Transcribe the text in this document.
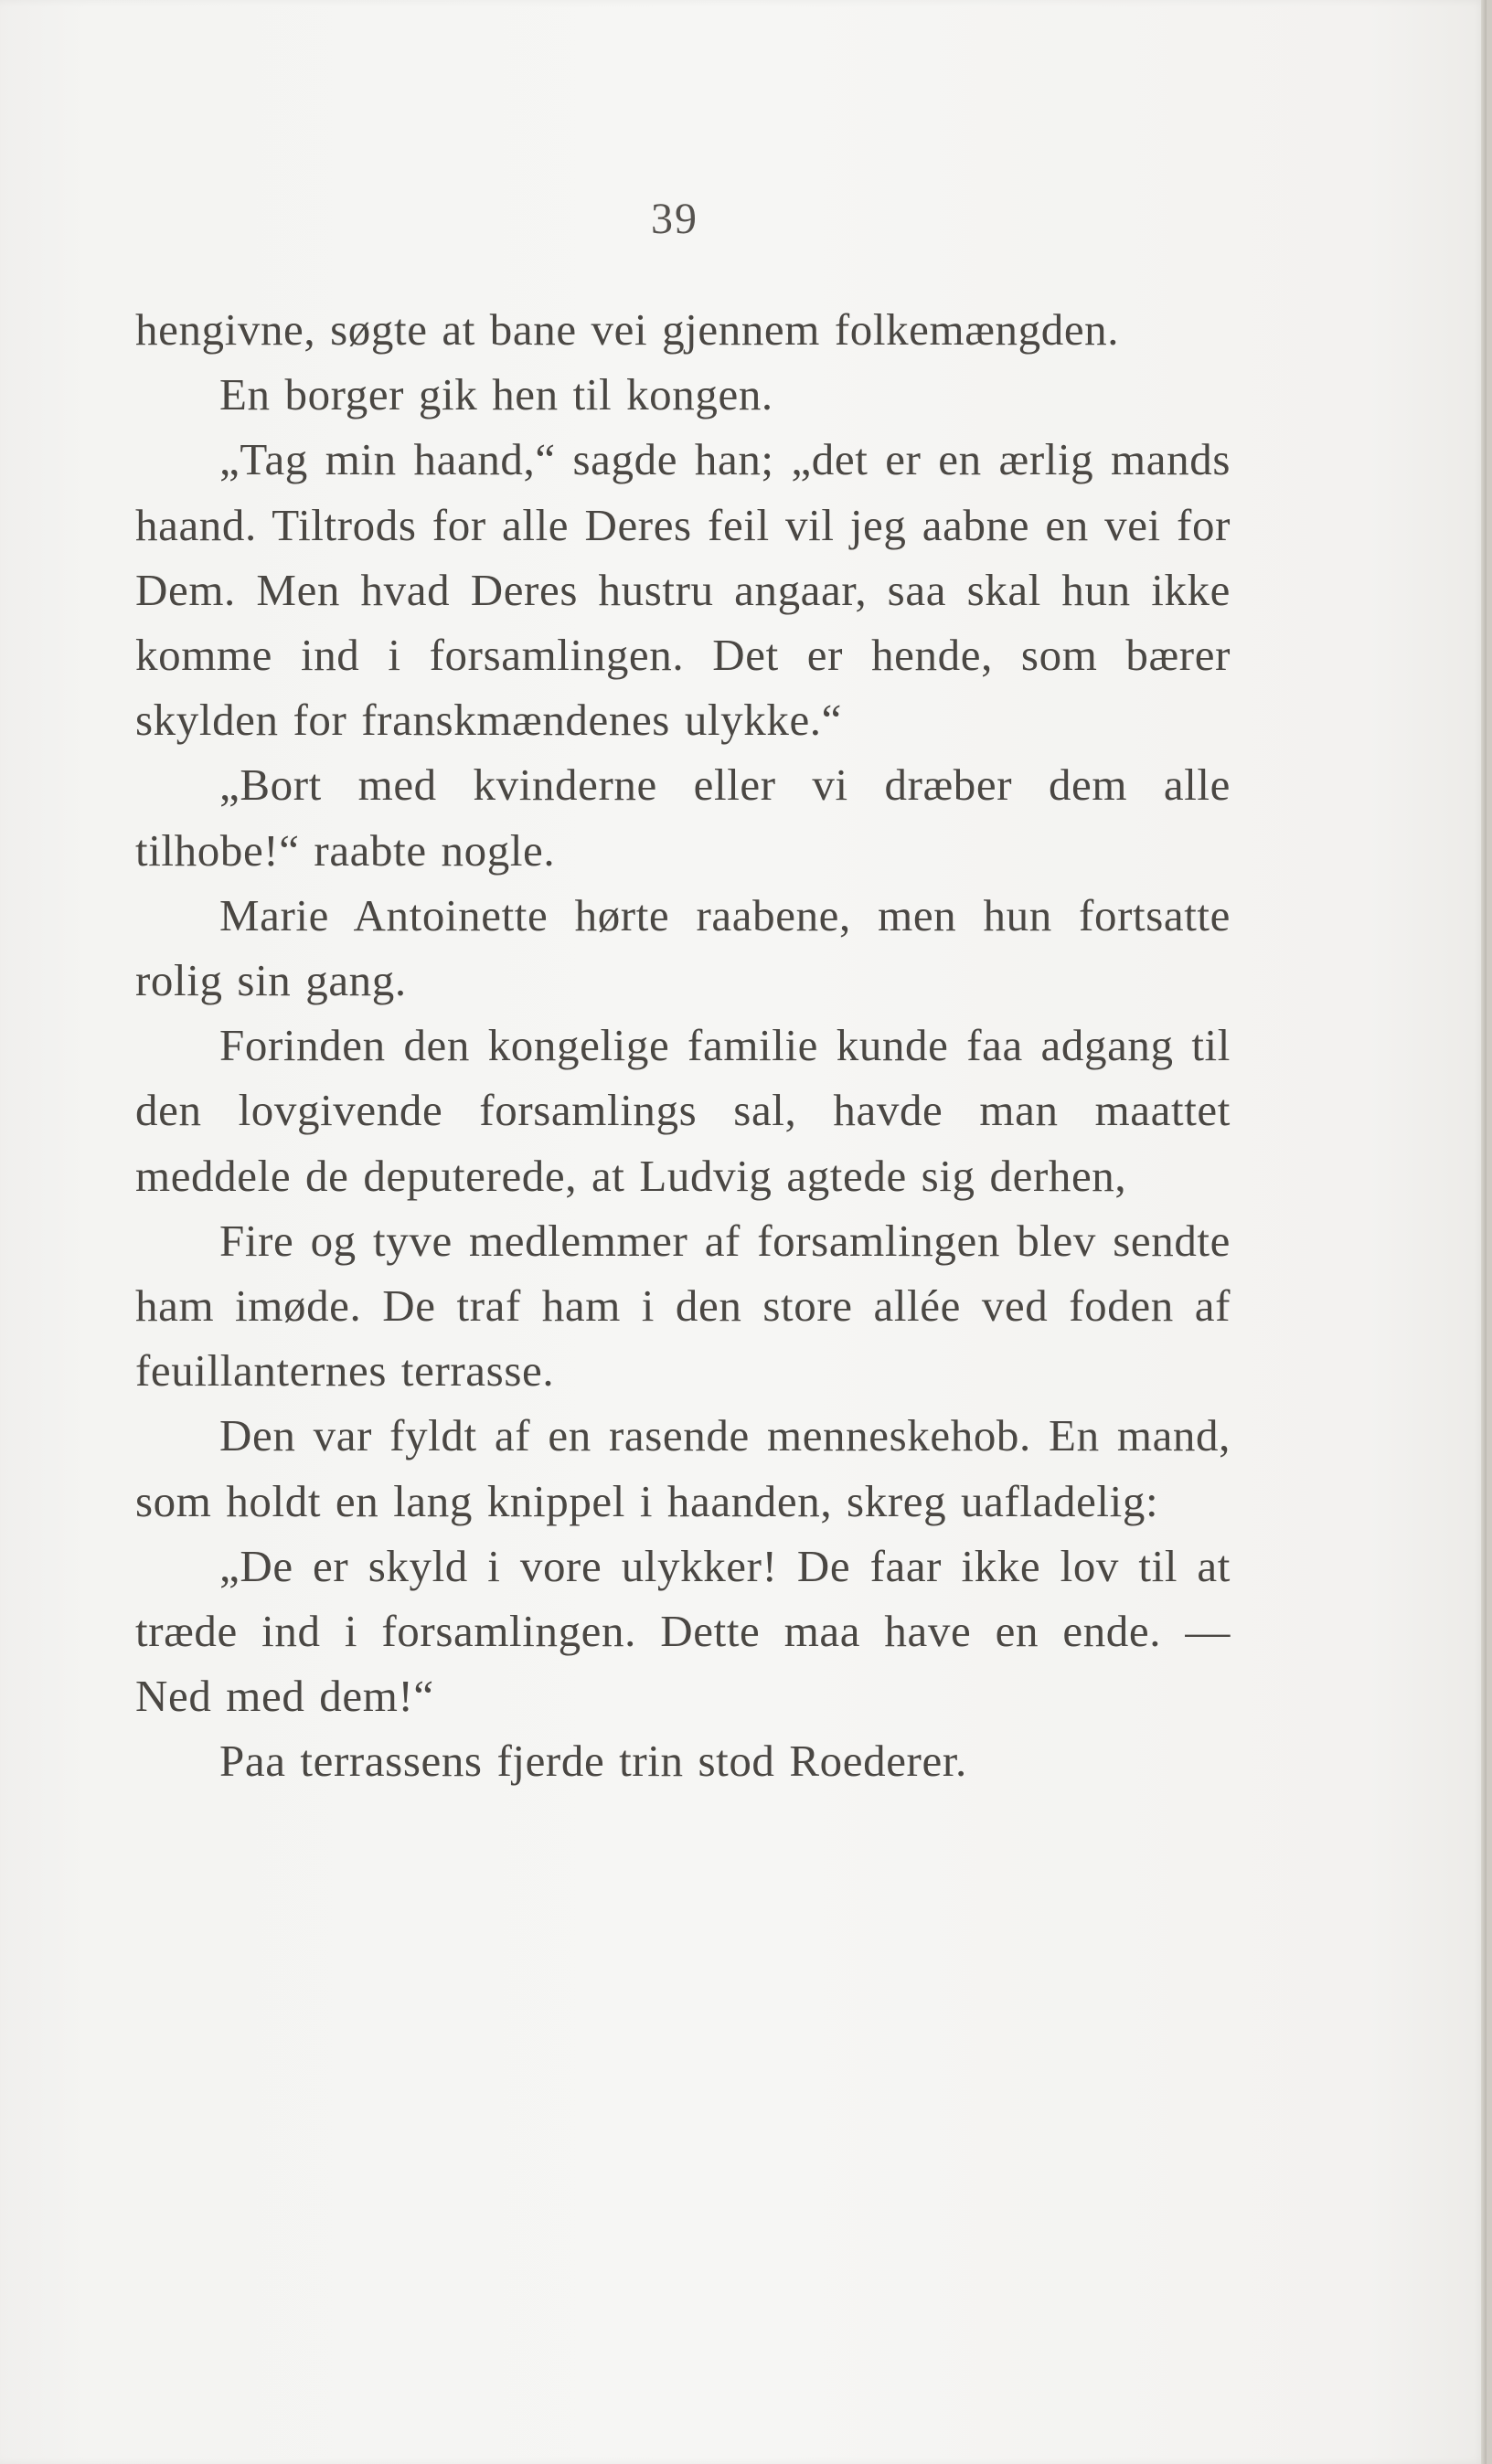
39

hengivne, søgte at bane vei gjennem folkemængden.

En borger gik hen til kongen.

„Tag min haand,“ sagde han; „det er en ærlig mands haand. Tiltrods for alle Deres feil vil jeg aabne en vei for Dem. Men hvad Deres hustru angaar, saa skal hun ikke komme ind i forsamlingen. Det er hende, som bærer skylden for franskmændenes ulykke.“

„Bort med kvinderne eller vi dræber dem alle tilhobe!“ raabte nogle.

Marie Antoinette hørte raabene, men hun fortsatte rolig sin gang.

Forinden den kongelige familie kunde faa adgang til den lovgivende forsamlings sal, havde man maattet meddele de deputerede, at Ludvig agtede sig derhen,

Fire og tyve medlemmer af forsamlingen blev sendte ham imøde. De traf ham i den store allée ved foden af feuillanternes terrasse.

Den var fyldt af en rasende menneskehob. En mand, som holdt en lang knippel i haanden, skreg uafladelig:

„De er skyld i vore ulykker! De faar ikke lov til at træde ind i forsamlingen. Dette maa have en ende. — Ned med dem!“

Paa terrassens fjerde trin stod Roederer.
